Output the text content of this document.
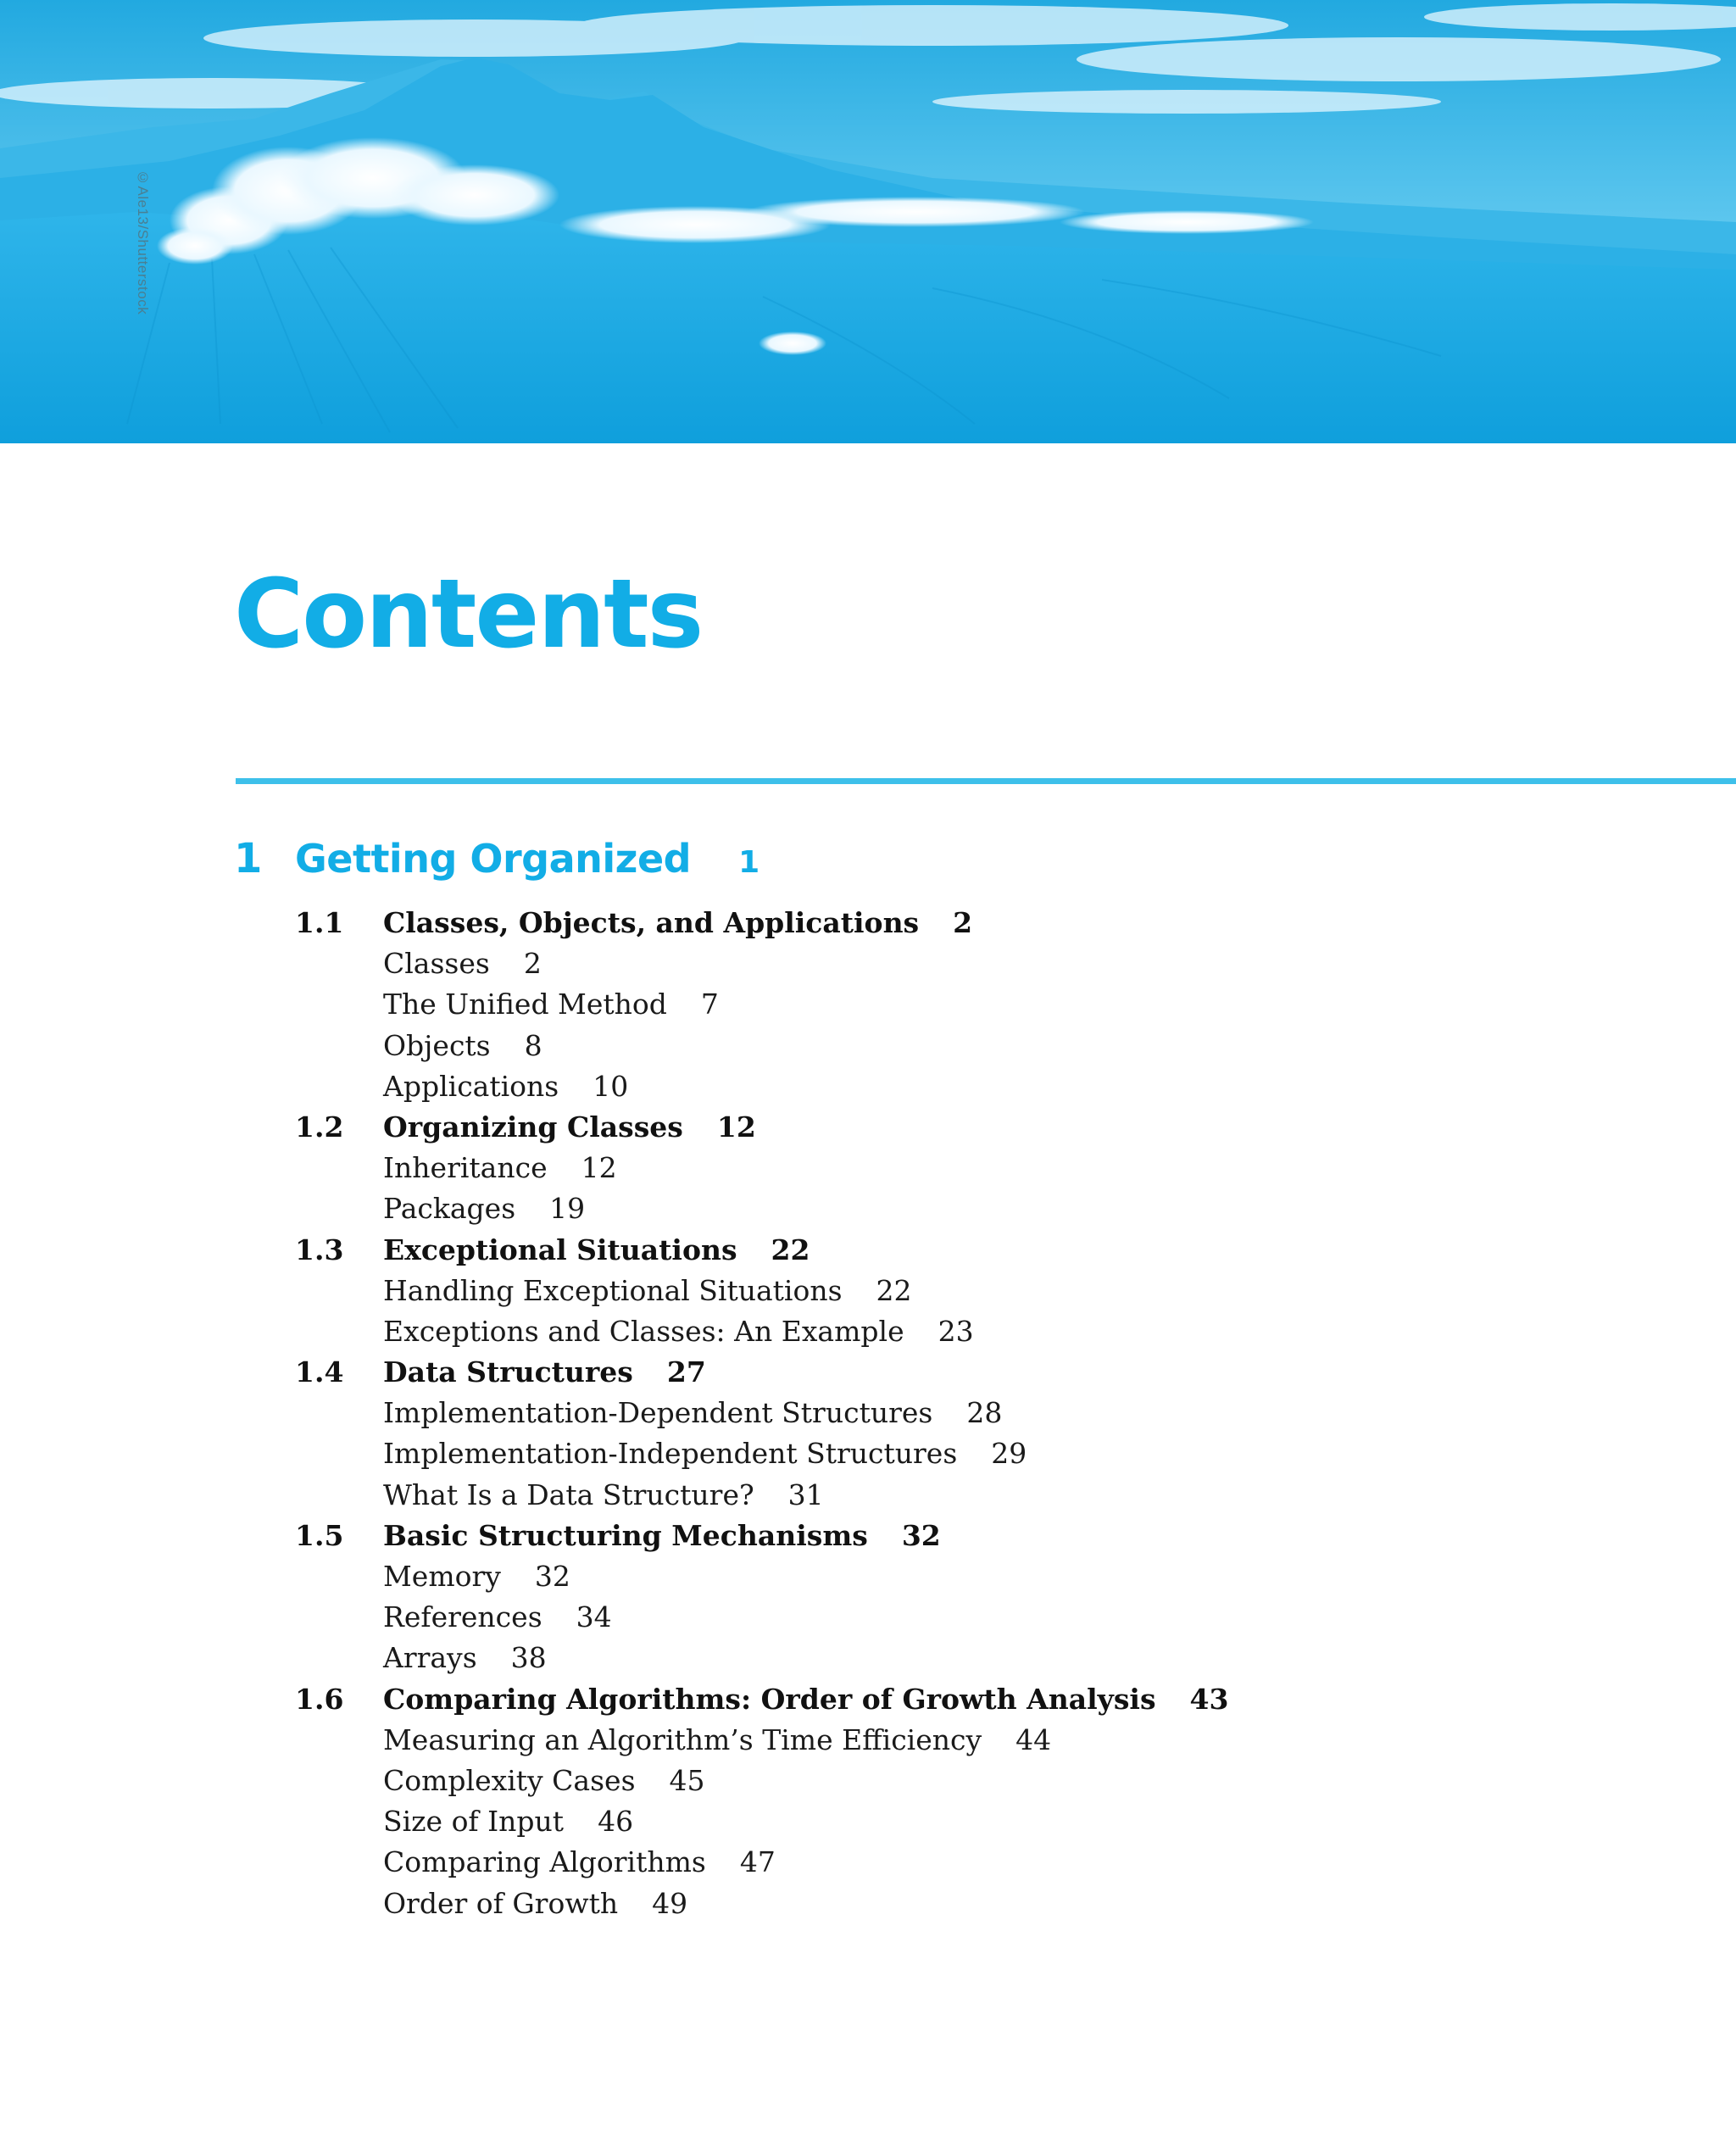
©Ale13/Shutterstock
Contents
1 Getting Organized 1
1.1 Classes, Objects, and Applications 2
Classes 2
The Unified Method 7
Objects 8
Applications 10
1.2 Organizing Classes 12
Inheritance 12
Packages 19
1.3 Exceptional Situations 22
Handling Exceptional Situations 22
Exceptions and Classes: An Example 23
1.4 Data Structures 27
Implementation-Dependent Structures 28
Implementation-Independent Structures 29
What Is a Data Structure? 31
1.5 Basic Structuring Mechanisms 32
Memory 32
References 34
Arrays 38
1.6 Comparing Algorithms: Order of Growth Analysis 43
Measuring an Algorithm’s Time Efficiency 44
Complexity Cases 45
Size of Input 46
Comparing Algorithms 47
Order of Growth 49
